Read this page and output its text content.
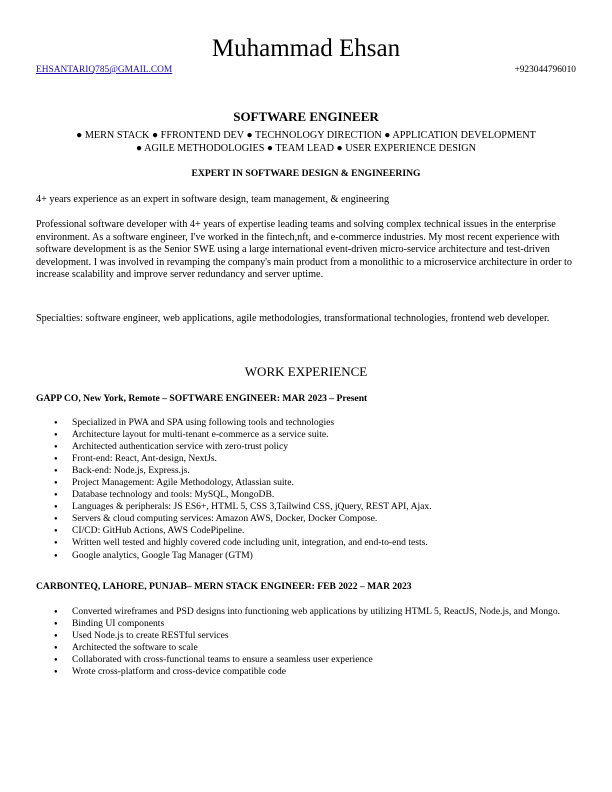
Muhammad Ehsan
EHSANTARIQ785@GMAIL.COM	+923044796010
SOFTWARE ENGINEER
● MERN STACK ● FFRONTEND DEV ● TECHNOLOGY DIRECTION ● APPLICATION DEVELOPMENT
● AGILE METHODOLOGIES ● TEAM LEAD ● USER EXPERIENCE DESIGN
EXPERT IN SOFTWARE DESIGN & ENGINEERING
4+ years experience as an expert in software design, team management, & engineering
Professional software developer with 4+ years of expertise leading teams and solving complex technical issues in the enterprise environment. As a software engineer, I've worked in the fintech,nft, and e-commerce industries. My most recent experience with software development is as the Senior SWE using a large international event-driven micro-service architecture and test-driven development. I was involved in revamping the company's main product from a monolithic to a microservice architecture in order to increase scalability and improve server redundancy and server uptime.
Specialties: software engineer, web applications, agile methodologies, transformational technologies, frontend web developer.
WORK EXPERIENCE
GAPP CO, New York, Remote – SOFTWARE ENGINEER: MAR 2023 – Present
● Specialized in PWA and SPA using following tools and technologies
● Architecture layout for multi-tenant e-commerce as a service suite.
● Architected authentication service with zero-trust policy
● Front-end: React, Ant-design, NextJs.
● Back-end: Node.js, Express.js.
● Project Management: Agile Methodology, Atlassian suite.
● Database technology and tools: MySQL, MongoDB.
● Languages & peripherals: JS ES6+, HTML 5, CSS 3,Tailwind CSS, jQuery, REST API, Ajax.
● Servers & cloud computing services: Amazon AWS, Docker, Docker Compose.
● CI/CD: GitHub Actions, AWS CodePipeline.
● Written well tested and highly covered code including unit, integration, and end-to-end tests.
● Google analytics, Google Tag Manager (GTM)
CARBONTEQ, LAHORE, PUNJAB– MERN STACK ENGINEER: FEB 2022 – MAR 2023
● Converted wireframes and PSD designs into functioning web applications by utilizing HTML 5, ReactJS, Node.js, and Mongo.
● Binding UI components
● Used Node.js to create RESTful services
● Architected the software to scale
● Collaborated with cross-functional teams to ensure a seamless user experience
● Wrote cross-platform and cross-device compatible code
